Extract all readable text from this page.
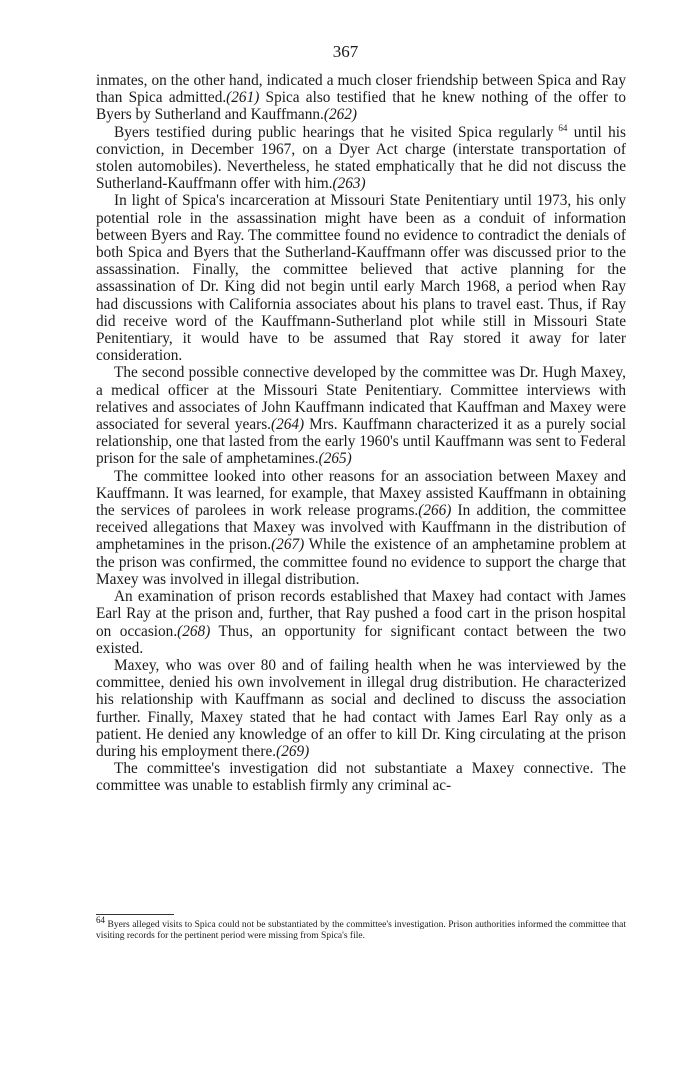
367

inmates, on the other hand, indicated a much closer friendship between Spica and Ray than Spica admitted.(261) Spica also testified that he knew nothing of the offer to Byers by Sutherland and Kauffmann.(262)

Byers testified during public hearings that he visited Spica regularly $^{64}$ until his conviction, in December 1967, on a Dyer Act charge (interstate transportation of stolen automobiles). Nevertheless, he stated emphatically that he did not discuss the Sutherland-Kauffmann offer with him.(263)

In light of Spica's incarceration at Missouri State Penitentiary until 1973, his only potential role in the assassination might have been as a conduit of information between Byers and Ray. The committee found no evidence to contradict the denials of both Spica and Byers that the Sutherland-Kauffmann offer was discussed prior to the assassination. Finally, the committee believed that active planning for the assassination of Dr. King did not begin until early March 1968, a period when Ray had discussions with California associates about his plans to travel east. Thus, if Ray did receive word of the Kauffmann-Sutherland plot while still in Missouri State Penitentiary, it would have to be assumed that Ray stored it away for later consideration.

The second possible connective developed by the committee was Dr. Hugh Maxey, a medical officer at the Missouri State Penitentiary. Committee interviews with relatives and associates of John Kauffmann indicated that Kauffman and Maxey were associated for several years.(264) Mrs. Kauffmann characterized it as a purely social relationship, one that lasted from the early 1960's until Kauffmann was sent to Federal prison for the sale of amphetamines.(265)

The committee looked into other reasons for an association between Maxey and Kauffmann. It was learned, for example, that Maxey assisted Kauffmann in obtaining the services of parolees in work release programs.(266) In addition, the committee received allegations that Maxey was involved with Kauffmann in the distribution of amphetamines in the prison.(267) While the existence of an amphetamine problem at the prison was confirmed, the committee found no evidence to support the charge that Maxey was involved in illegal distribution.

An examination of prison records established that Maxey had contact with James Earl Ray at the prison and, further, that Ray pushed a food cart in the prison hospital on occasion.(268) Thus, an opportunity for significant contact between the two existed.

Maxey, who was over 80 and of failing health when he was interviewed by the committee, denied his own involvement in illegal drug distribution. He characterized his relationship with Kauffmann as social and declined to discuss the association further. Finally, Maxey stated that he had contact with James Earl Ray only as a patient. He denied any knowledge of an offer to kill Dr. King circulating at the prison during his employment there.(269)

The committee's investigation did not substantiate a Maxey connective. The committee was unable to establish firmly any criminal ac-

64 Byers alleged visits to Spica could not be substantiated by the committee's investigation. Prison authorities informed the committee that visiting records for the pertinent period were missing from Spica's file.
